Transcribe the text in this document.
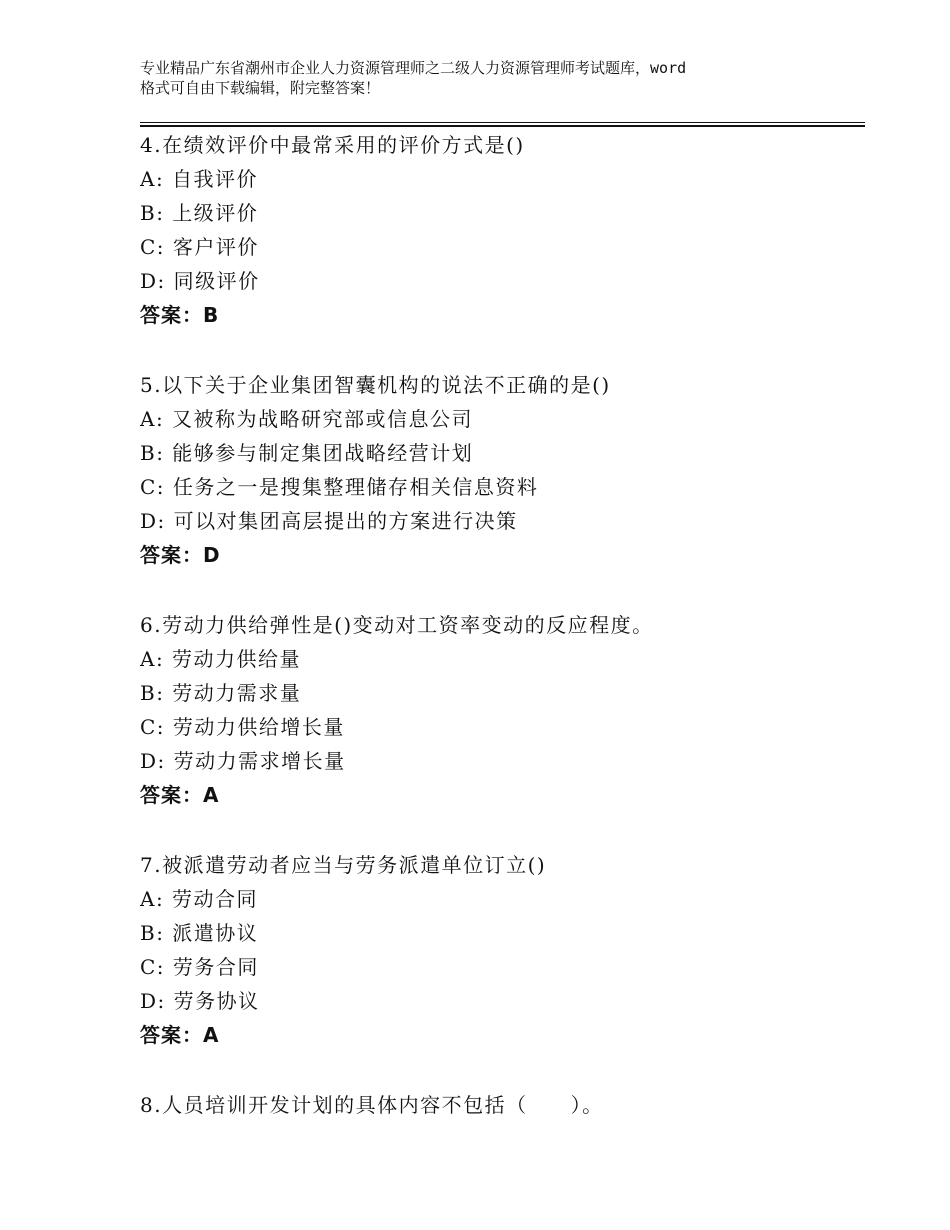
专业精品广东省潮州市企业人力资源管理师之二级人力资源管理师考试题库，word
格式可自由下载编辑，附完整答案！
4.在绩效评价中最常采用的评价方式是()
A: 自我评价
B: 上级评价
C: 客户评价
D: 同级评价
答案：B
5.以下关于企业集团智囊机构的说法不正确的是()
A: 又被称为战略研究部或信息公司
B: 能够参与制定集团战略经营计划
C: 任务之一是搜集整理储存相关信息资料
D: 可以对集团高层提出的方案进行决策
答案：D
6.劳动力供给弹性是()变动对工资率变动的反应程度。
A: 劳动力供给量
B: 劳动力需求量
C: 劳动力供给增长量
D: 劳动力需求增长量
答案：A
7.被派遣劳动者应当与劳务派遣单位订立()
A: 劳动合同
B: 派遣协议
C: 劳务合同
D: 劳务协议
答案：A
8.人员培训开发计划的具体内容不包括（　　）。
